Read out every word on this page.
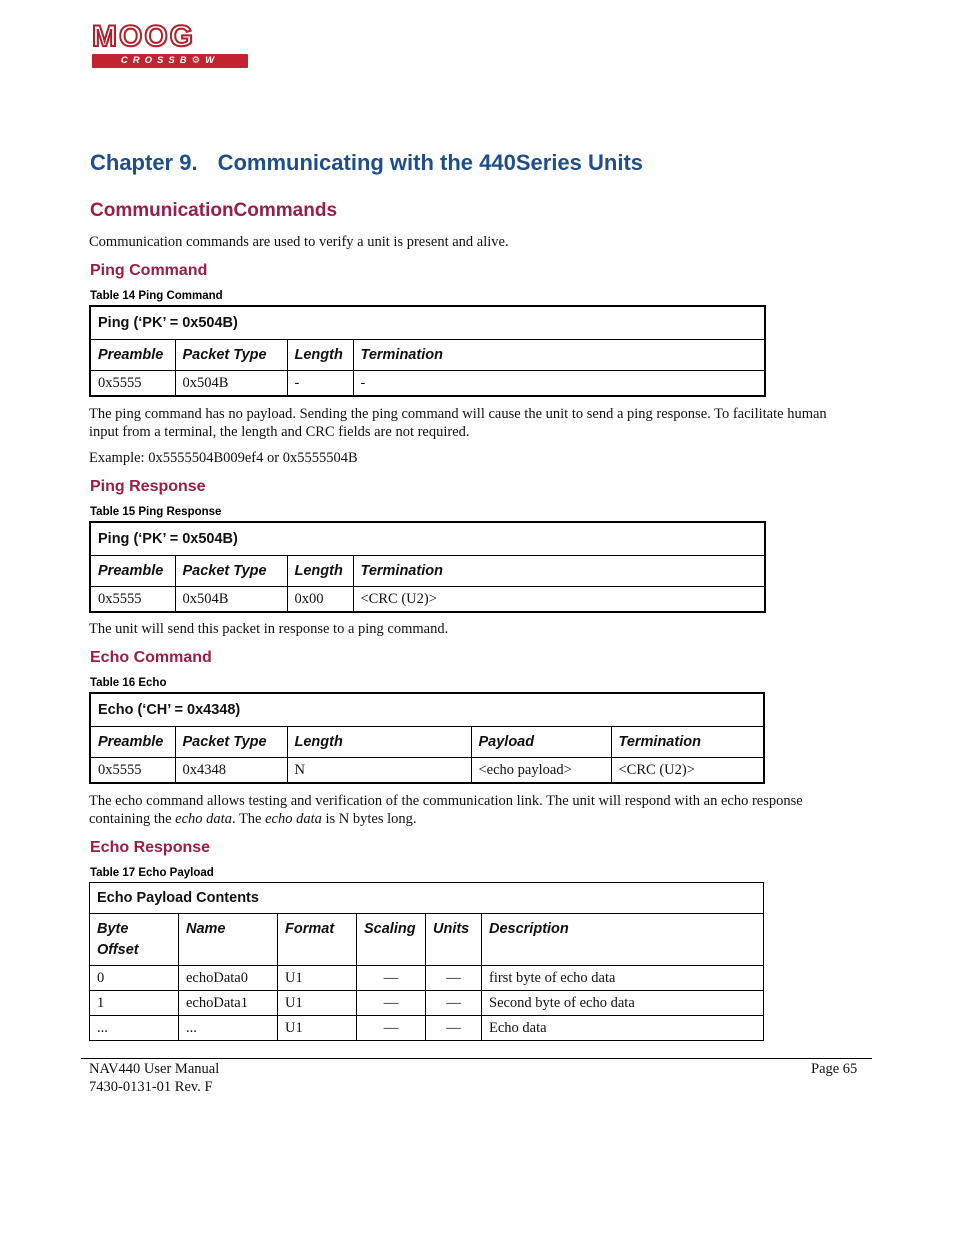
MOOG
CROSSB⚙W
Chapter 9. Communicating with the 440Series Units
CommunicationCommands
Communication commands are used to verify a unit is present and alive.
Ping Command
Table 14 Ping Command
Ping (‘PK’ = 0x504B)			
Preamble	Packet Type	Length	Termination
0x5555	0x504B	-	-
The ping command has no payload. Sending the ping command will cause the unit to send a ping response. To facilitate human input from a terminal, the length and CRC fields are not required.
Example: 0x5555504B009ef4 or 0x5555504B
Ping Response
Table 15 Ping Response
Ping (‘PK’ = 0x504B)			
Preamble	Packet Type	Length	Termination
0x5555	0x504B	0x00	<CRC (U2)>
The unit will send this packet in response to a ping command.
Echo Command
Table 16 Echo
Echo (‘CH’ = 0x4348)				
Preamble	Packet Type	Length	Payload	Termination
0x5555	0x4348	N	<echo payload>	<CRC (U2)>
The echo command allows testing and verification of the communication link. The unit will respond with an echo response containing the echo data. The echo data is N bytes long.
Echo Response
Table 17 Echo Payload
Echo Payload Contents					
Byte Offset	Name	Format	Scaling	Units	Description
0	echoData0	U1	—	—	first byte of echo data
1	echoData1	U1	—	—	Second byte of echo data
...	...	U1	—	—	Echo data
NAV440 User Manual
7430-0131-01 Rev. F
Page 65
